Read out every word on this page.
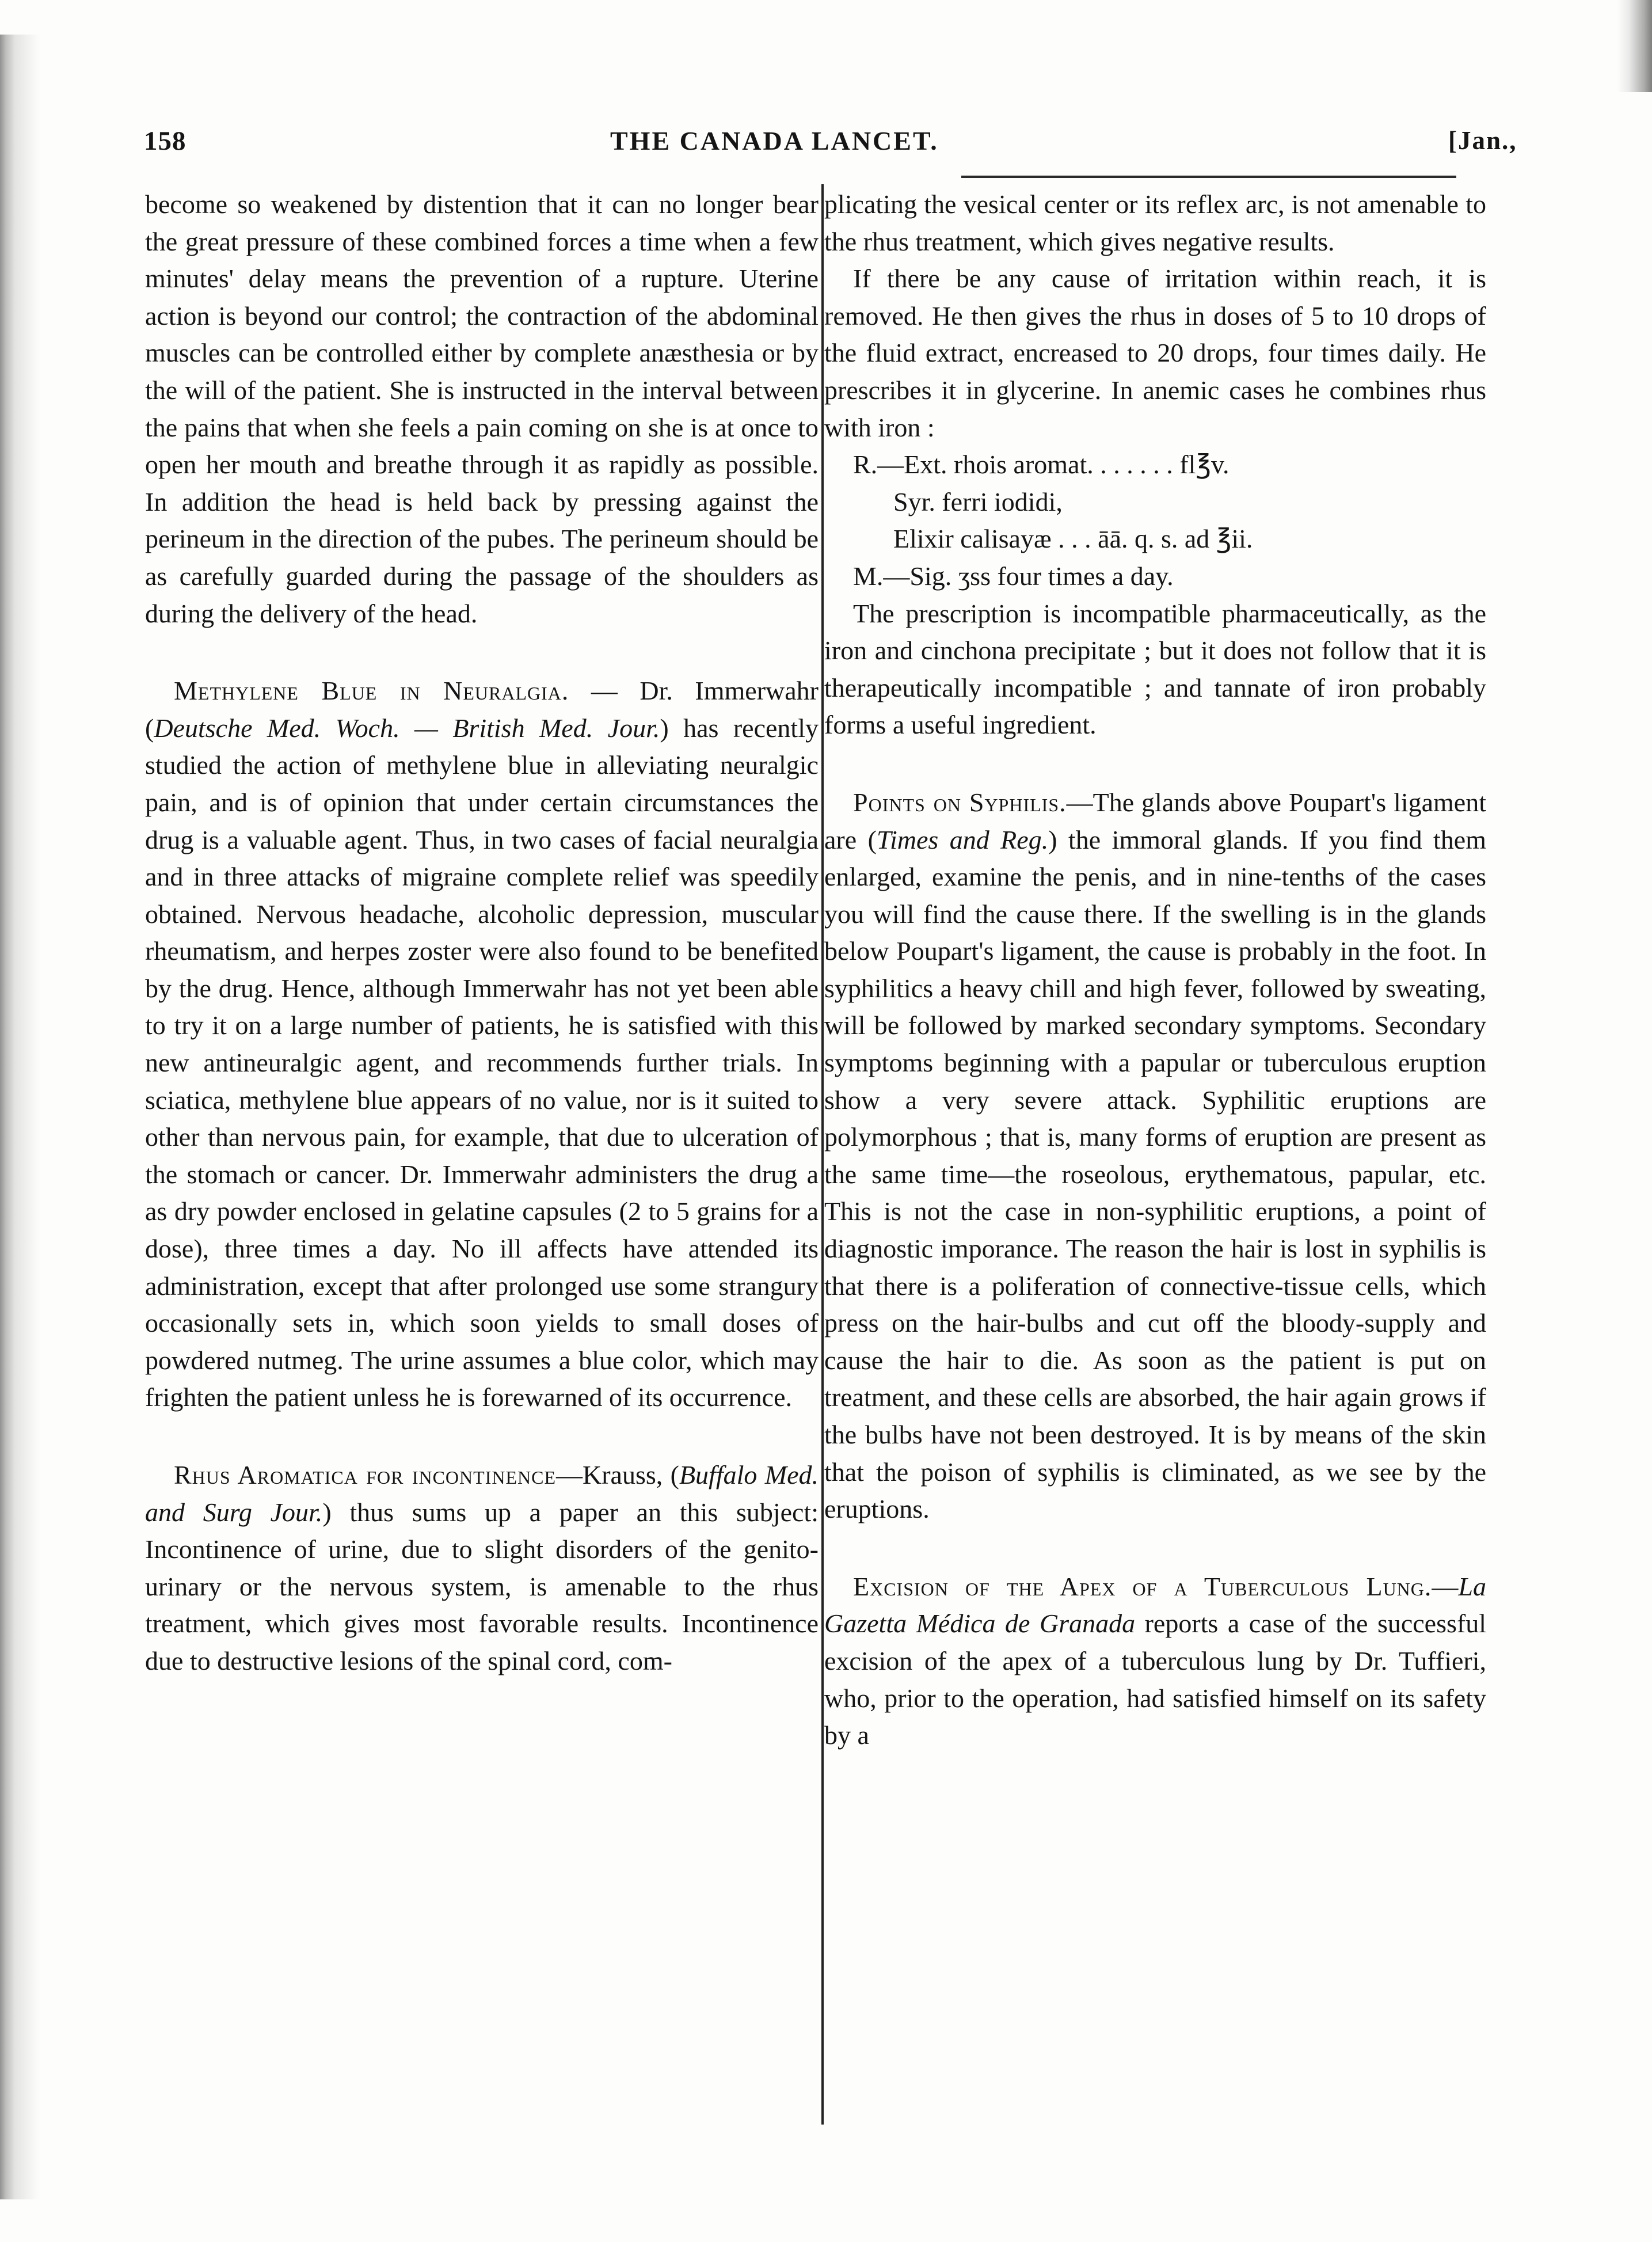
158	THE CANADA LANCET.	[Jan.,

become so weakened by distention that it can no longer bear the great pressure of these combined forces a time when a few minutes' delay means the prevention of a rupture. Uterine action is beyond our control; the contraction of the abdominal muscles can be controlled either by complete anæsthesia or by the will of the patient. She is instructed in the interval between the pains that when she feels a pain coming on she is at once to open her mouth and breathe through it as rapidly as possible. In addition the head is held back by pressing against the perineum in the direction of the pubes. The perineum should be as carefully guarded during the passage of the shoulders as during the delivery of the head.

Methylene Blue in Neuralgia. — Dr. Immerwahr (Deutsche Med. Woch. — British Med. Jour.) has recently studied the action of methylene blue in alleviating neuralgic pain, and is of opinion that under certain circumstances the drug is a valuable agent. Thus, in two cases of facial neuralgia and in three attacks of migraine complete relief was speedily obtained. Nervous headache, alcoholic depression, muscular rheumatism, and herpes zoster were also found to be benefited by the drug. Hence, although Immerwahr has not yet been able to try it on a large number of patients, he is satisfied with this new antineuralgic agent, and recommends further trials. In sciatica, methylene blue appears of no value, nor is it suited to other than nervous pain, for example, that due to ulceration of the stomach or cancer. Dr. Immerwahr administers the drug a as dry powder enclosed in gelatine capsules (2 to 5 grains for a dose), three times a day. No ill affects have attended its administration, except that after prolonged use some strangury occasionally sets in, which soon yields to small doses of powdered nutmeg. The urine assumes a blue color, which may frighten the patient unless he is forewarned of its occurrence.

Rhus Aromatica for incontinence—Krauss, (Buffalo Med. and Surg Jour.) thus sums up a paper an this subject: Incontinence of urine, due to slight disorders of the genito-urinary or the nervous system, is amenable to the rhus treatment, which gives most favorable results. Incontinence due to destructive lesions of the spinal cord, com-

plicating the vesical center or its reflex arc, is not amenable to the rhus treatment, which gives negative results.

If there be any cause of irritation within reach, it is removed. He then gives the rhus in doses of 5 to 10 drops of the fluid extract, encreased to 20 drops, four times daily. He prescribes it in glycerine. In anemic cases he combines rhus with iron :

R.—Ext. rhois aromat. . . . . . . fl℥v.

Syr. ferri iodidi,

Elixir calisayæ . . . āā. q. s. ad ℥ii.

M.—Sig. ʒss four times a day.

The prescription is incompatible pharmaceutically, as the iron and cinchona precipitate ; but it does not follow that it is therapeutically incompatible ; and tannate of iron probably forms a useful ingredient.

Points on Syphilis.—The glands above Poupart's ligament are (Times and Reg.) the immoral glands. If you find them enlarged, examine the penis, and in nine-tenths of the cases you will find the cause there. If the swelling is in the glands below Poupart's ligament, the cause is probably in the foot. In syphilitics a heavy chill and high fever, followed by sweating, will be followed by marked secondary symptoms. Secondary symptoms beginning with a papular or tuberculous eruption show a very severe attack. Syphilitic eruptions are polymorphous ; that is, many forms of eruption are present as the same time—the roseolous, erythematous, papular, etc. This is not the case in non-syphilitic eruptions, a point of diagnostic imporance. The reason the hair is lost in syphilis is that there is a poliferation of connective-tissue cells, which press on the hair-bulbs and cut off the bloody-supply and cause the hair to die. As soon as the patient is put on treatment, and these cells are absorbed, the hair again grows if the bulbs have not been destroyed. It is by means of the skin that the poison of syphilis is climinated, as we see by the eruptions.

Excision of the Apex of a Tuberculous Lung.—La Gazetta Médica de Granada reports a case of the successful excision of the apex of a tuberculous lung by Dr. Tuffieri, who, prior to the operation, had satisfied himself on its safety by a
